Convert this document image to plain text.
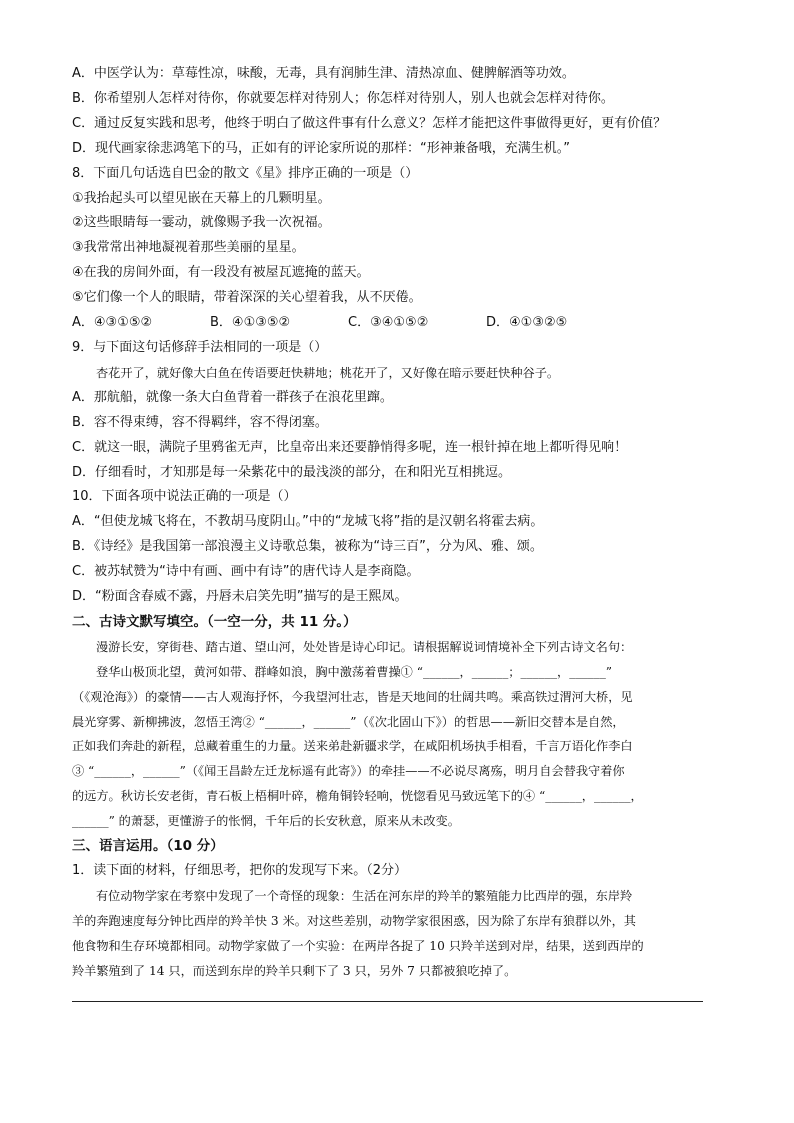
A．中医学认为：草莓性凉，味酸，无毒，具有润肺生津、清热凉血、健脾解酒等功效。
B．你希望别人怎样对待你，你就要怎样对待别人；你怎样对待别人，别人也就会怎样对待你。
C．通过反复实践和思考，他终于明白了做这件事有什么意义？怎样才能把这件事做得更好，更有价值？
D．现代画家徐悲鸿笔下的马，正如有的评论家所说的那样：“形神兼备哦，充满生机。”
8．下面几句话选自巴金的散文《星》排序正确的一项是（）
①我抬起头可以望见嵌在天幕上的几颗明星。
②这些眼睛每一霎动，就像赐予我一次祝福。
③我常常出神地凝视着那些美丽的星星。
④在我的房间外面，有一段没有被屋瓦遮掩的蓝天。
⑤它们像一个人的眼睛，带着深深的关心望着我，从不厌倦。
A．④③①⑤②	B．④①③⑤②	C．③④①⑤②	D．④①③②⑤
9．与下面这句话修辞手法相同的一项是（）
杏花开了，就好像大白鱼在传语要赶快耕地；桃花开了，又好像在暗示要赶快种谷子。
A．那航船，就像一条大白鱼背着一群孩子在浪花里蹿。
B．容不得束缚，容不得羁绊，容不得闭塞。
C．就这一眼，满院子里鸦雀无声，比皇帝出来还要静悄得多呢，连一根针掉在地上都听得见响！
D．仔细看时，才知那是每一朵紫花中的最浅淡的部分，在和阳光互相挑逗。
10．下面各项中说法正确的一项是（）
A．“但使龙城飞将在，不教胡马度阴山。”中的“龙城飞将”指的是汉朝名将霍去病。
B．《诗经》是我国第一部浪漫主义诗歌总集，被称为“诗三百”，分为风、雅、颂。
C．被苏轼赞为“诗中有画、画中有诗”的唐代诗人是李商隐。
D．“粉面含春威不露，丹唇未启笑先明”描写的是王熙凤。
二、古诗文默写填空。（一空一分，共 11 分。）
漫游长安，穿街巷、踏古道、望山河，处处皆是诗心印记。请根据解说词情境补全下列古诗文名句：
登华山极顶北望，黄河如带、群峰如浪，胸中激荡着曹操① “______，______；______，______”
（《观沧海》）的豪情——古人观海抒怀，今我望河壮志，皆是天地间的壮阔共鸣。乘高铁过渭河大桥，见
晨光穿雾、新柳拂波，忽悟王湾② “______，______”（《次北固山下》）的哲思——新旧交替本是自然，
正如我们奔赴的新程，总藏着重生的力量。送来弟赴新疆求学，在咸阳机场执手相看，千言万语化作李白
③ “______，______”（《闻王昌龄左迁龙标遥有此寄》）的牵挂——不必说尽离殇，明月自会替我守着你
的远方。秋访长安老街，青石板上梧桐叶碎，檐角铜铃轻响，恍惚看见马致远笔下的④ “______，______，
______” 的萧瑟，更懂游子的怅惘，千年后的长安秋意，原来从未改变。
三、语言运用。（10 分）
1．读下面的材料，仔细思考，把你的发现写下来。（2分）
有位动物学家在考察中发现了一个奇怪的现象：生活在河东岸的羚羊的繁殖能力比西岸的强，东岸羚
羊的奔跑速度每分钟比西岸的羚羊快 3 米。对这些差别，动物学家很困惑，因为除了东岸有狼群以外，其
他食物和生存环境都相同。动物学家做了一个实验：在两岸各捉了 10 只羚羊送到对岸，结果，送到西岸的
羚羊繁殖到了 14 只，而送到东岸的羚羊只剩下了 3 只，另外 7 只都被狼吃掉了。
